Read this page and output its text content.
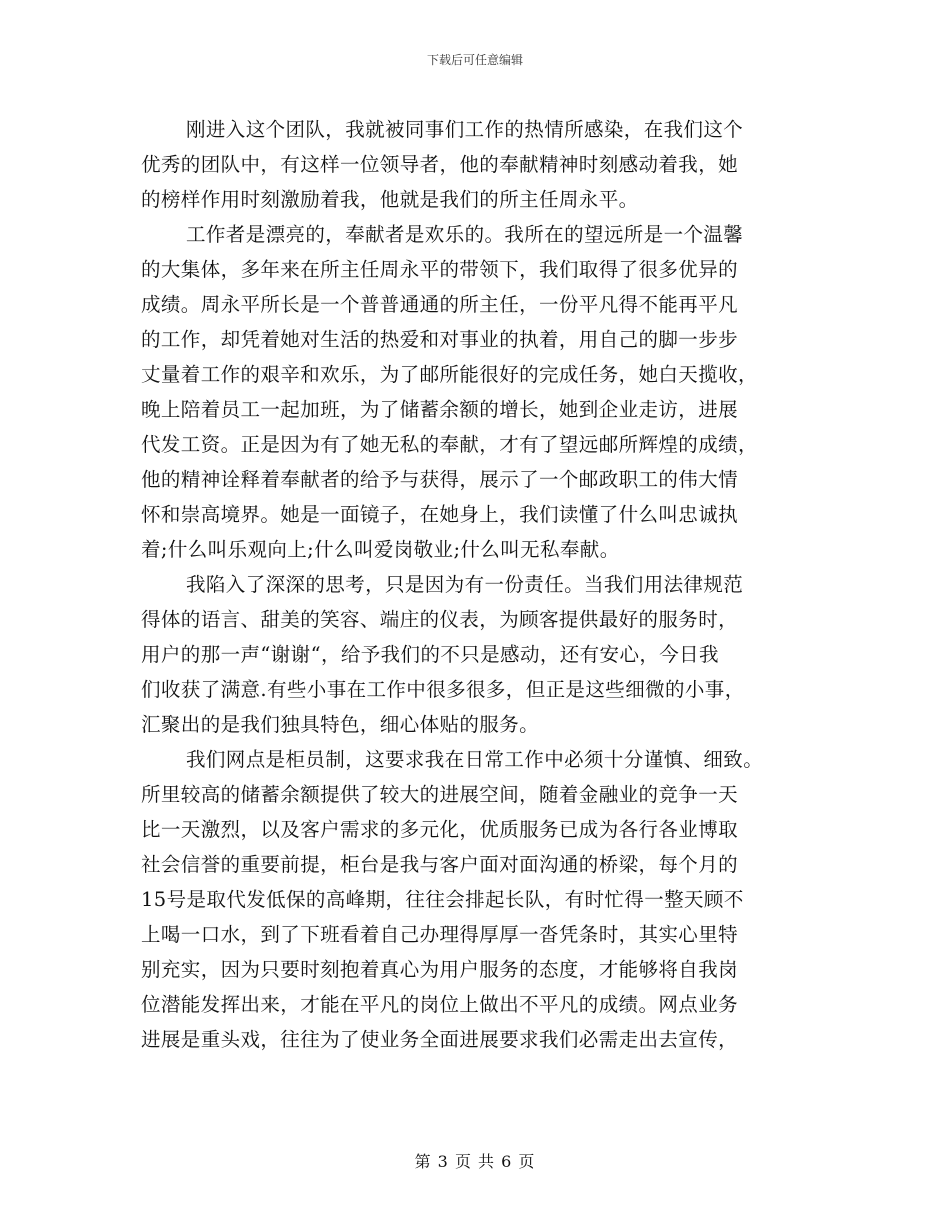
下载后可任意编辑
刚进入这个团队，我就被同事们工作的热情所感染，在我们这个
优秀的团队中，有这样一位领导者，他的奉献精神时刻感动着我，她
的榜样作用时刻激励着我，他就是我们的所主任周永平。
工作者是漂亮的，奉献者是欢乐的。我所在的望远所是一个温馨
的大集体，多年来在所主任周永平的带领下，我们取得了很多优异的
成绩。周永平所长是一个普普通通的所主任，一份平凡得不能再平凡
的工作，却凭着她对生活的热爱和对事业的执着，用自己的脚一步步
丈量着工作的艰辛和欢乐，为了邮所能很好的完成任务，她白天揽收，
晚上陪着员工一起加班，为了储蓄余额的增长，她到企业走访，进展
代发工资。正是因为有了她无私的奉献，才有了望远邮所辉煌的成绩，
他的精神诠释着奉献者的给予与获得，展示了一个邮政职工的伟大情
怀和崇高境界。她是一面镜子，在她身上，我们读懂了什么叫忠诚执
着;什么叫乐观向上;什么叫爱岗敬业;什么叫无私奉献。
我陷入了深深的思考，只是因为有一份责任。当我们用法律规范
得体的语言、甜美的笑容、端庄的仪表，为顾客提供最好的服务时，
用户的那一声“谢谢“，给予我们的不只是感动，还有安心，今日我
们收获了满意.有些小事在工作中很多很多，但正是这些细微的小事，
汇聚出的是我们独具特色，细心体贴的服务。
我们网点是柜员制，这要求我在日常工作中必须十分谨慎、细致。
所里较高的储蓄余额提供了较大的进展空间，随着金融业的竞争一天
比一天激烈，以及客户需求的多元化，优质服务已成为各行各业博取
社会信誉的重要前提，柜台是我与客户面对面沟通的桥梁，每个月的
15号是取代发低保的高峰期，往往会排起长队，有时忙得一整天顾不
上喝一口水，到了下班看着自己办理得厚厚一沓凭条时，其实心里特
别充实，因为只要时刻抱着真心为用户服务的态度，才能够将自我岗
位潜能发挥出来，才能在平凡的岗位上做出不平凡的成绩。网点业务
进展是重头戏，往往为了使业务全面进展要求我们必需走出去宣传，
第 3 页 共 6 页
